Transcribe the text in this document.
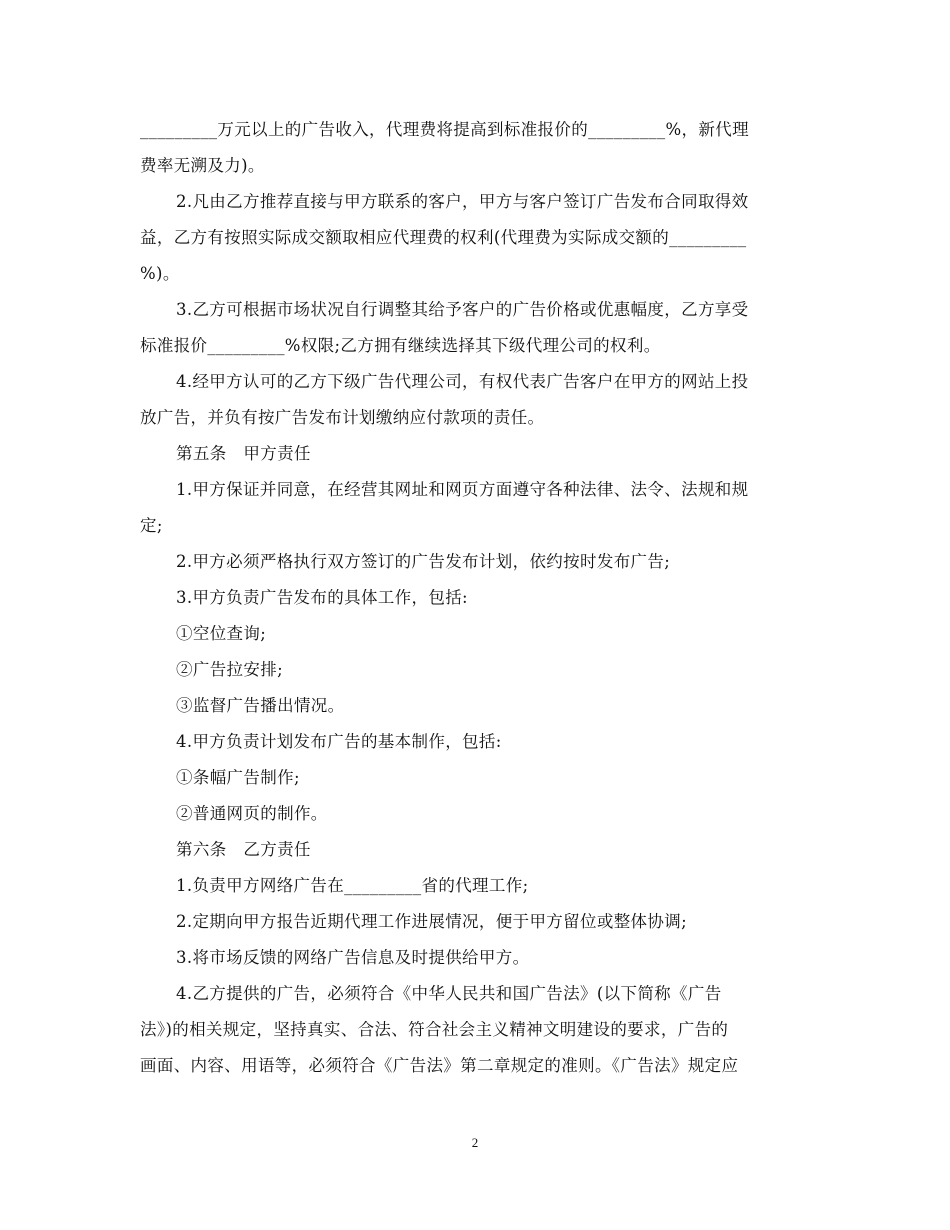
_________万元以上的广告收入，代理费将提高到标准报价的_________%，新代理
费率无溯及力)。
2.凡由乙方推荐直接与甲方联系的客户，甲方与客户签订广告发布合同取得效
益，乙方有按照实际成交额取相应代理费的权利(代理费为实际成交额的_________
%)。
3.乙方可根据市场状况自行调整其给予客户的广告价格或优惠幅度，乙方享受
标准报价_________%权限;乙方拥有继续选择其下级代理公司的权利。
4.经甲方认可的乙方下级广告代理公司，有权代表广告客户在甲方的网站上投
放广告，并负有按广告发布计划缴纳应付款项的责任。
第五条　甲方责任
1.甲方保证并同意，在经营其网址和网页方面遵守各种法律、法令、法规和规
定;
2.甲方必须严格执行双方签订的广告发布计划，依约按时发布广告;
3.甲方负责广告发布的具体工作，包括:
①空位查询;
②广告拉安排;
③监督广告播出情况。
4.甲方负责计划发布广告的基本制作，包括:
①条幅广告制作;
②普通网页的制作。
第六条　乙方责任
1.负责甲方网络广告在_________省的代理工作;
2.定期向甲方报告近期代理工作进展情况，便于甲方留位或整体协调;
3.将市场反馈的网络广告信息及时提供给甲方。
4.乙方提供的广告，必须符合《中华人民共和国广告法》(以下简称《广告
法》)的相关规定，坚持真实、合法、符合社会主义精神文明建设的要求，广告的
画面、内容、用语等，必须符合《广告法》第二章规定的准则。《广告法》规定应
2
